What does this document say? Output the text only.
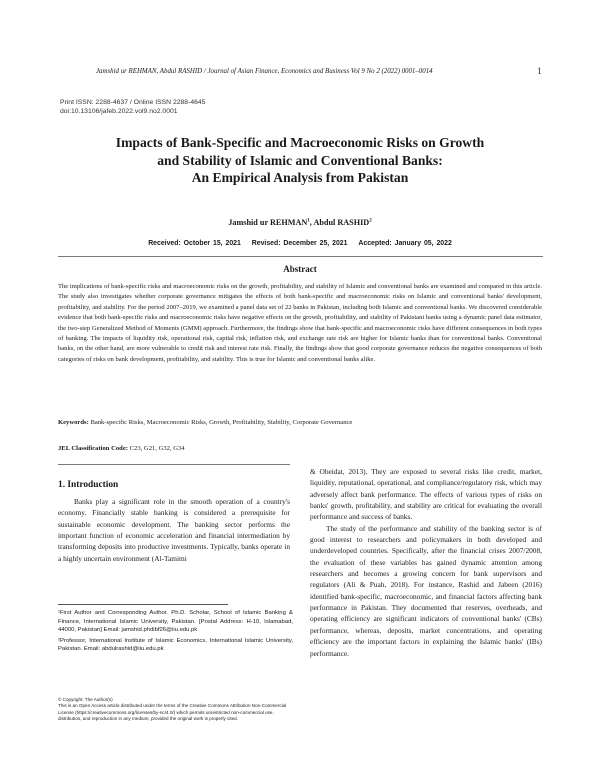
Jamshid ur REHMAN, Abdul RASHID / Journal of Asian Finance, Economics and Business Vol 9 No 2 (2022) 0001–0014	1
Print ISSN: 2288-4637 / Online ISSN 2288-4645
doi:10.13106/jafeb.2022.vol9.no2.0001
Impacts of Bank-Specific and Macroeconomic Risks on Growth
and Stability of Islamic and Conventional Banks:
An Empirical Analysis from Pakistan
Jamshid ur REHMAN$^1$, Abdul RASHID$^2$
Received: October 15, 2021 Revised: December 25, 2021 Accepted: January 05, 2022
Abstract
The implications of bank-specific risks and macroeconomic risks on the growth, profitability, and stability of Islamic and conventional banks are examined and compared in this article. The study also investigates whether corporate governance mitigates the effects of both bank-specific and macroeconomic risks on Islamic and conventional banks' development, profitability, and stability. For the period 2007–2019, we examined a panel data set of 22 banks in Pakistan, including both Islamic and conventional banks. We discovered considerable evidence that both bank-specific risks and macroeconomic risks have negative effects on the growth, profitability, and stability of Pakistani banks using a dynamic panel data estimator, the two-step Generalized Method of Moments (GMM) approach. Furthermore, the findings show that bank-specific and macroeconomic risks have different consequences in both types of banking. The impacts of liquidity risk, operational risk, capital risk, inflation risk, and exchange rate risk are higher for Islamic banks than for conventional banks. Conventional banks, on the other hand, are more vulnerable to credit risk and interest rate risk. Finally, the findings show that good corporate governance reduces the negative consequences of both categories of risks on bank development, profitability, and stability. This is true for Islamic and conventional banks alike.
Keywords: Bank-specific Risks, Macroeconomic Risks, Growth, Profitability, Stability, Corporate Governance
JEL Classification Code: C23, G21, G32, G34
1. Introduction

Banks play a significant role in the smooth operation of a country's economy. Financially stable banking is considered a prerequisite for sustainable economic development. The banking sector performs the important function of economic acceleration and financial intermediation by transforming deposits into productive investments. Typically, banks operate in a highly uncertain environment (Al-Tamimi

& Obeidat, 2013). They are exposed to several risks like credit, market, liquidity, reputational, operational, and compliance/regulatory risk, which may adversely affect bank performance. The effects of various types of risks on banks' growth, profitability, and stability are critical for evaluating the overall performance and success of banks.

The study of the performance and stability of the banking sector is of good interest to researchers and policymakers in both developed and underdeveloped countries. Specifically, after the financial crises 2007/2008, the evaluation of these variables has gained dynamic attention among researchers and becomes a growing concern for bank supervisors and regulators (Ali & Puah, 2018). For instance, Rashid and Jabeen (2016) identified bank-specific, macroeconomic, and financial factors affecting bank performance in Pakistan. They documented that reserves, overheads, and operating efficiency are significant indicators of conventional banks' (CBs) performance, whereas, deposits, market concentrations, and operating efficiency are the important factors in explaining the Islamic banks' (IBs) performance.

¹First Author and Corresponding Author. Ph.D. Scholar, School of Islamic Banking & Finance, International Islamic University, Pakistan. [Postal Address: H-10, Islamabad, 44000, Pakistan] Email: jamshid.phdibf26@iiu.edu.pk

²Professor, International Institute of Islamic Economics, International Islamic University, Pakistan. Email: abdulrashid@iiu.edu.pk

© Copyright: The Author(s)

This is an Open Access article distributed under the terms of the Creative Commons Attribution Non-Commercial License (https://creativecommons.org/licenses/by-nc/4.0/) which permits unrestricted non-commercial use, distribution, and reproduction in any medium, provided the original work is properly cited.
